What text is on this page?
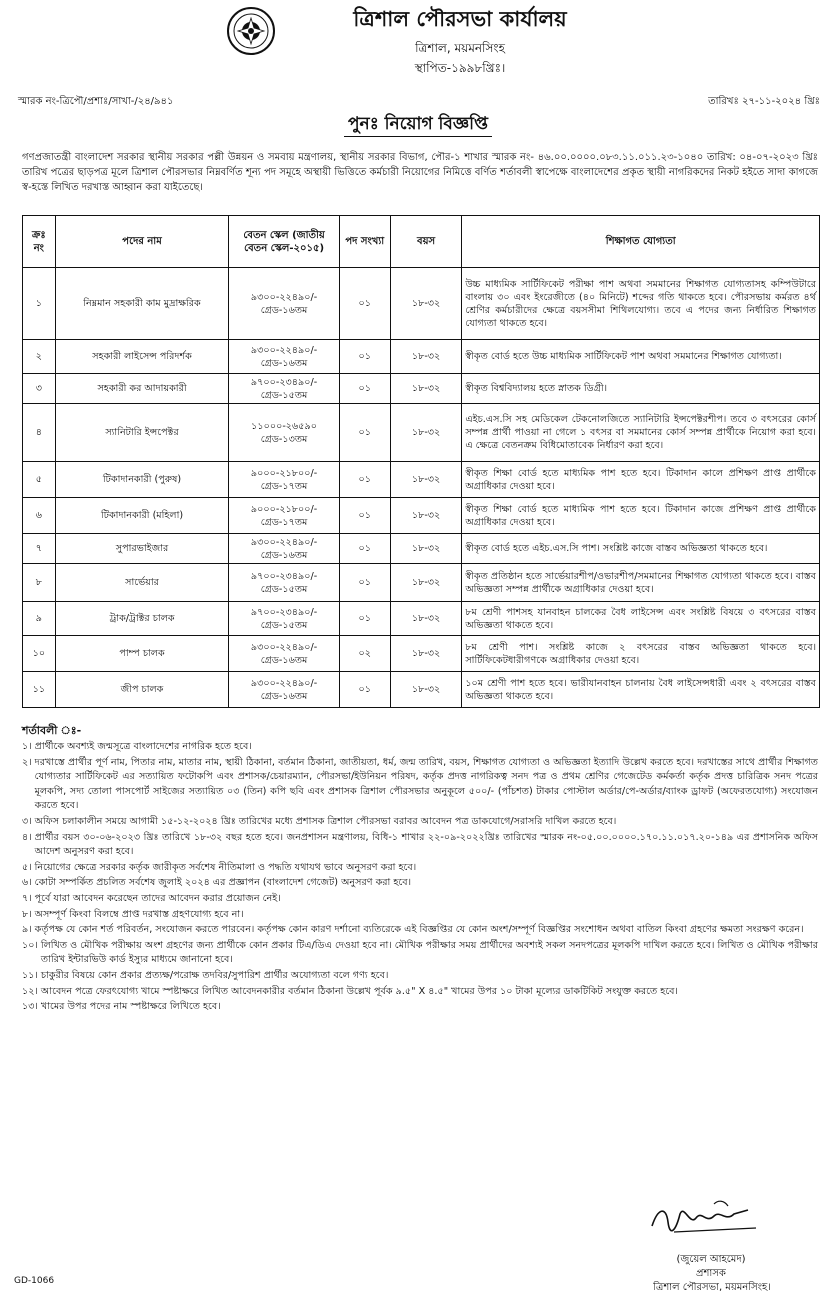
ত্রিশাল পৌরসভা কার্যালয়
ত্রিশাল, ময়মনসিংহ
স্থাপিত-১৯৯৮খ্রিঃ।
স্মারক নং-ত্রিপৌ/প্রশাঃ/সাখা-/২৪/৯৪১	তারিখঃ ২৭-১১-২০২৪ খ্রিঃ
পুনঃ নিয়োগ বিজ্ঞপ্তি
গণপ্রজাতন্ত্রী বাংলাদেশ সরকার স্থানীয় সরকার পল্লী উন্নয়ন ও সমবায় মন্ত্রণালয়, স্থানীয় সরকার বিভাগ, পৌর-১ শাখার স্মারক নং- ৪৬.০০.০০০০.০৮৩.১১.০১১.২৩-১০৪০ তারিখ: ০৪-০৭-২০২৩ খ্রিঃ তারিখ পত্রের ছাড়পত্র মূলে ত্রিশাল পৌরসভার নিম্নবর্ণিত শূন্য পদ সমূহে অস্থায়ী ভিত্তিতে কর্মচারী নিয়োগের নিমিত্তে বর্ণিত শর্তাবলী স্বাপেক্ষে বাংলাদেশের প্রকৃত স্থায়ী নাগরিকদের নিকট হইতে সাদা কাগজে স্ব-হস্তে লিখিত দরখাস্ত আহ্বান করা যাইতেছে।
ক্রঃ নং	পদের নাম	বেতন স্কেল (জাতীয় বেতন স্কেল-২০১৫)	পদ সংখ্যা	বয়স	শিক্ষাগত যোগ্যতা
১	নিম্নমান সহকারী কাম মুদ্রাক্ষরিক	৯৩০০-২২৪৯০/-
গ্রেড-১৬তম	০১	১৮-৩২	উচ্চ মাধ্যমিক সার্টিফিকেট পরীক্ষা পাশ অথবা সমমানের শিক্ষাগত যোগ্যতাসহ কম্পিউটারে বাংলায় ৩০ এবং ইংরেজীতে (৪০ মিনিটে) শব্দের গতি থাকতে হবে। পৌরসভায় কর্মরত ৪র্থ শ্রেণির কর্মচারীদের ক্ষেত্রে বয়সসীমা শিথিলযোগ্য। তবে এ পদের জন্য নির্ধারিত শিক্ষাগত যোগ্যতা থাকতে হবে।
২	সহকারী লাইসেন্স পরিদর্শক	৯৩০০-২২৪৯০/-
গ্রেড-১৬তম	০১	১৮-৩২	স্বীকৃত বোর্ড হতে উচ্চ মাধ্যমিক সার্টিফিকেট পাশ অথবা সমমানের শিক্ষাগত যোগ্যতা।
৩	সহকারী কর আদায়কারী	৯৭০০-২৩৪৯০/-
গ্রেড-১৫তম	০১	১৮-৩২	স্বীকৃত বিশ্ববিদ্যালয় হতে স্নাতক ডিগ্রী।
৪	স্যানিটারি ইন্সপেক্টর	১১০০০-২৬৫৯০
গ্রেড-১৩তম	০১	১৮-৩২	এইচ.এস.সি সহ মেডিকেল টেকনোলজিতে স্যানিটারি ইন্সপেক্টরশীপ। তবে ৩ বৎসরের কোর্স সম্পন্ন প্রার্থী পাওয়া না গেলে ১ বৎসর বা সমমানের কোর্স সম্পন্ন প্রার্থীকে নিয়োগ করা হবে। এ ক্ষেত্রে বেতনক্রম বিধিমোতাবেক নির্ধারণ করা হবে।
৫	টিকাদানকারী (পুরুষ)	৯০০০-২১৮০০/-
গ্রেড-১৭তম	০১	১৮-৩২	স্বীকৃত শিক্ষা বোর্ড হতে মাধ্যমিক পাশ হতে হবে। টিকাদান কালে প্রশিক্ষণ প্রাপ্ত প্রার্থীকে অগ্রাধিকার দেওয়া হবে।
৬	টিকাদানকারী (মহিলা)	৯০০০-২১৮০০/-
গ্রেড-১৭তম	০১	১৮-৩২	স্বীকৃত শিক্ষা বোর্ড হতে মাধ্যমিক পাশ হতে হবে। টিকাদান কাজে প্রশিক্ষণ প্রাপ্ত প্রার্থীকে অগ্রাধিকার দেওয়া হবে।
৭	সুপারভাইজার	৯৩০০-২২৪৯০/-
গ্রেড-১৬তম	০১	১৮-৩২	স্বীকৃত বোর্ড হতে এইচ.এস.সি পাশ। সংশ্লিষ্ট কাজে বাস্তব অভিজ্ঞতা থাকতে হবে।
৮	সার্ভেয়ার	৯৭০০-২৩৪৯০/-
গ্রেড-১৫তম	০১	১৮-৩২	স্বীকৃত প্রতিষ্ঠান হতে সার্ভেয়ারশীপ/ওভারশীপ/সমমানের শিক্ষাগত যোগ্যতা থাকতে হবে। বাস্তব অভিজ্ঞতা সম্পন্ন প্রার্থীকে অগ্রাধিকার দেওয়া হবে।
৯	ট্রাক/ট্রাক্টর চালক	৯৭০০-২৩৪৯০/-
গ্রেড-১৫তম	০১	১৮-৩২	৮ম শ্রেণী পাশসহ যানবাহন চালকের বৈধ লাইসেন্স এবং সংশ্লিষ্ট বিষয়ে ৩ বৎসরের বাস্তব অভিজ্ঞতা থাকতে হবে।
১০	পাম্প চালক	৯৩০০-২২৪৯০/-
গ্রেড-১৬তম	০২	১৮-৩২	৮ম শ্রেণী পাশ। সংশ্লিষ্ট কাজে ২ বৎসরের বাস্তব অভিজ্ঞতা থাকতে হবে। সার্টিফিকেটধারীগণকে অগ্রাধিকার দেওয়া হবে।
১১	জীপ চালক	৯৩০০-২২৪৯০/-
গ্রেড-১৬তম	০১	১৮-৩২	১০ম শ্রেণী পাশ হতে হবে। ভারীযানবাহন চালনায় বৈধ লাইসেন্সধারী এবং ২ বৎসরের বাস্তব অভিজ্ঞতা থাকতে হবে।
শর্তাবলী ঃ-
১। প্রার্থীকে অবশ্যই জন্মসূত্রে বাংলাদেশের নাগরিক হতে হবে।
২। দরখাস্তে প্রার্থীর পূর্ণ নাম, পিতার নাম, মাতার নাম, স্থায়ী ঠিকানা, বর্তমান ঠিকানা, জাতীয়তা, ধর্ম, জন্ম তারিখ, বয়স, শিক্ষাগত যোগ্যতা ও অভিজ্ঞতা ইত্যাদি উল্লেখ করতে হবে। দরখাস্তের সাথে প্রার্থীর শিক্ষাগত যোগ্যতার সার্টিফিকেট এর সত্যায়িত ফটোকপি এবং প্রশাসক/চেয়ারম্যান, পৌরসভা/ইউনিয়ন পরিষদ, কর্তৃক প্রদত্ত নাগরিকত্ব সনদ পত্র ও প্রথম শ্রেণির গেজেটেড কর্মকর্তা কর্তৃক প্রদত্ত চারিত্রিক সনদ পত্রের মূলকপি, সদ্য তোলা পাসপোর্ট সাইজের সত্যায়িত ০৩ (তিন) কপি ছবি এবং প্রশাসক ত্রিশাল পৌরসভার অনুকূলে ৫০০/- (পাঁচশত) টাকার পোস্টাল অর্ডার/পে-অর্ডার/ব্যাংক ড্রাফট (অফেরতযোগ্য) সংযোজন করতে হবে।
৩। অফিস চলাকালীন সময়ে আগামী ১৫-১২-২০২৪ খ্রিঃ তারিখের মধ্যে প্রশাসক ত্রিশাল পৌরসভা বরাবর আবেদন পত্র ডাকযোগে/সরাসরি দাখিল করতে হবে।
৪। প্রার্থীর বয়স ৩০-০৬-২০২৩ খ্রিঃ তারিখে ১৮-৩২ বছর হতে হবে। জনপ্রশাসন মন্ত্রণালয়, বিধি-১ শাখার ২২-০৯-২০২২খ্রিঃ তারিখের স্মারক নং-০৫.০০.০০০০.১৭০.১১.০১৭.২০-১৪৯ এর প্রশাসনিক অফিস আদেশ অনুসরণ করা হবে।
৫। নিয়োগের ক্ষেত্রে সরকার কর্তৃক জারীকৃত সর্বশেষ নীতিমালা ও পদ্ধতি যথাযথ ভাবে অনুসরণ করা হবে।
৬। কোটা সম্পর্কিত প্রচলিত সর্বশেষ জুলাই ২০২৪ এর প্রজ্ঞাপন (বাংলাদেশ গেজেট) অনুসরণ করা হবে।
৭। পূর্বে যারা আবেদন করেছেন তাদের আবেদন করার প্রয়োজন নেই।
৮। অসম্পূর্ণ কিংবা বিলম্বে প্রাপ্ত দরখাস্ত গ্রহণযোগ্য হবে না।
৯। কর্তৃপক্ষ যে কোন শর্ত পরিবর্তন, সংযোজন করতে পারবেন। কর্তৃপক্ষ কোন কারণ দর্শানো ব্যতিরেকে এই বিজ্ঞপ্তির যে কোন অংশ/সম্পূর্ণ বিজ্ঞপ্তির সংশোধন অথবা বাতিল কিংবা গ্রহণের ক্ষমতা সংরক্ষণ করেন।
১০। লিখিত ও মৌখিক পরীক্ষায় অংশ গ্রহণের জন্য প্রার্থীকে কোন প্রকার টিএ/ডিএ দেওয়া হবে না। মৌখিক পরীক্ষার সময় প্রার্থীদের অবশ্যই সকল সনদপত্রের মূলকপি দাখিল করতে হবে। লিখিত ও মৌখিক পরীক্ষার তারিখ ইন্টারভিউ কার্ড ইস্যুর মাধ্যমে জানানো হবে।
১১। চাকুরীর বিষয়ে কোন প্রকার প্রত্যক্ষ/পরোক্ষ তদবির/সুপারিশ প্রার্থীর অযোগ্যতা বলে গণ্য হবে।
১২। আবেদন পত্রে ফেরৎযোগ্য খামে স্পষ্টাক্ষরে লিখিত আবেদনকারীর বর্তমান ঠিকানা উল্লেখ পূর্বক ৯.৫" X ৪.৫" খামের উপর ১০ টাকা মূল্যের ডাকটিকিট সংযুক্ত করতে হবে।
১৩। খামের উপর পদের নাম স্পষ্টাক্ষরে লিখিতে হবে।
(জুয়েল আহমেদ)
প্রশাসক
ত্রিশাল পৌরসভা, ময়মনসিংহ।
GD-1066
